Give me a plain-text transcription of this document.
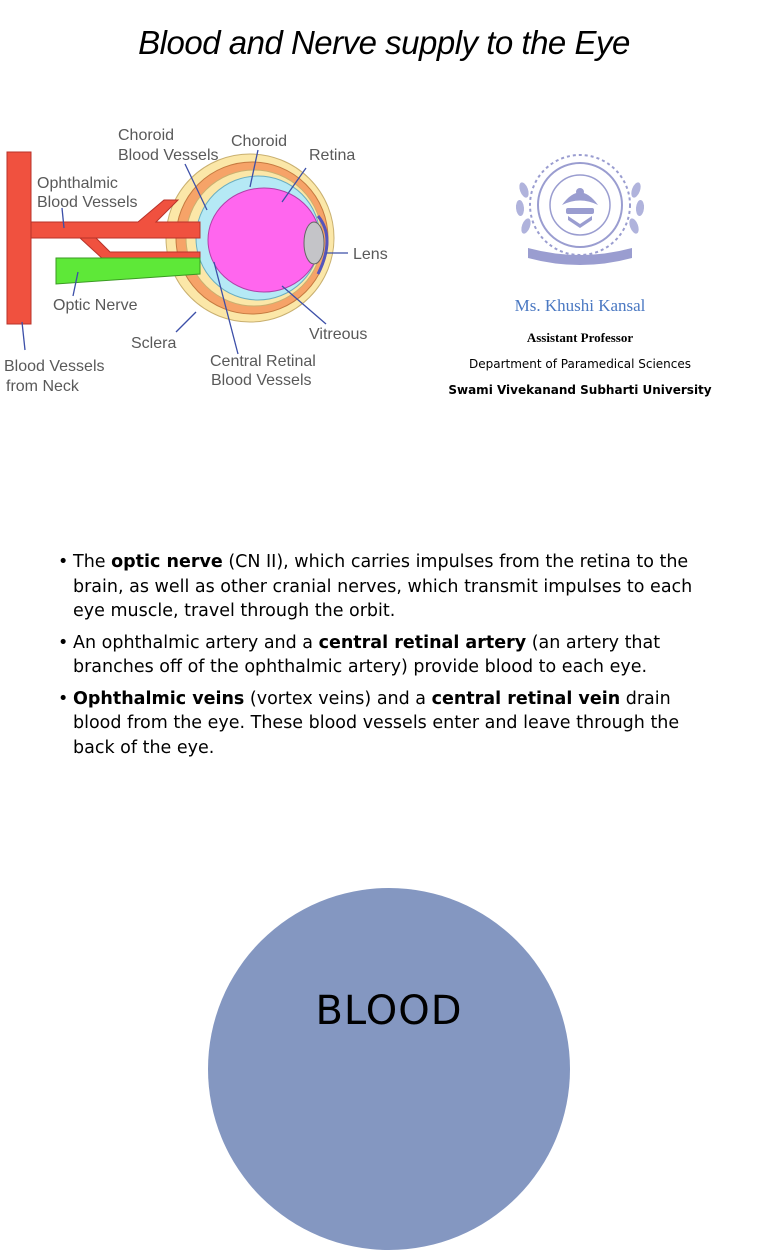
Blood and Nerve supply to the Eye
Choroid
Blood Vessels
Choroid
Retina
Ophthalmic
Blood Vessels
Lens
Optic Nerve
Vitreous
Sclera
Blood Vessels
from Neck
Central Retinal
Blood Vessels
Ms. Khushi Kansal
Assistant Professor
Department of Paramedical Sciences
Swami Vivekanand Subharti University
• The optic nerve (CN II), which carries impulses from the retina to the brain, as well as other cranial nerves, which transmit impulses to each eye muscle, travel through the orbit.
• An ophthalmic artery and a central retinal artery (an artery that branches off of the ophthalmic artery) provide blood to each eye.
• Ophthalmic veins (vortex veins) and a central retinal vein drain blood from the eye. These blood vessels enter and leave through the back of the eye.
BLOOD
